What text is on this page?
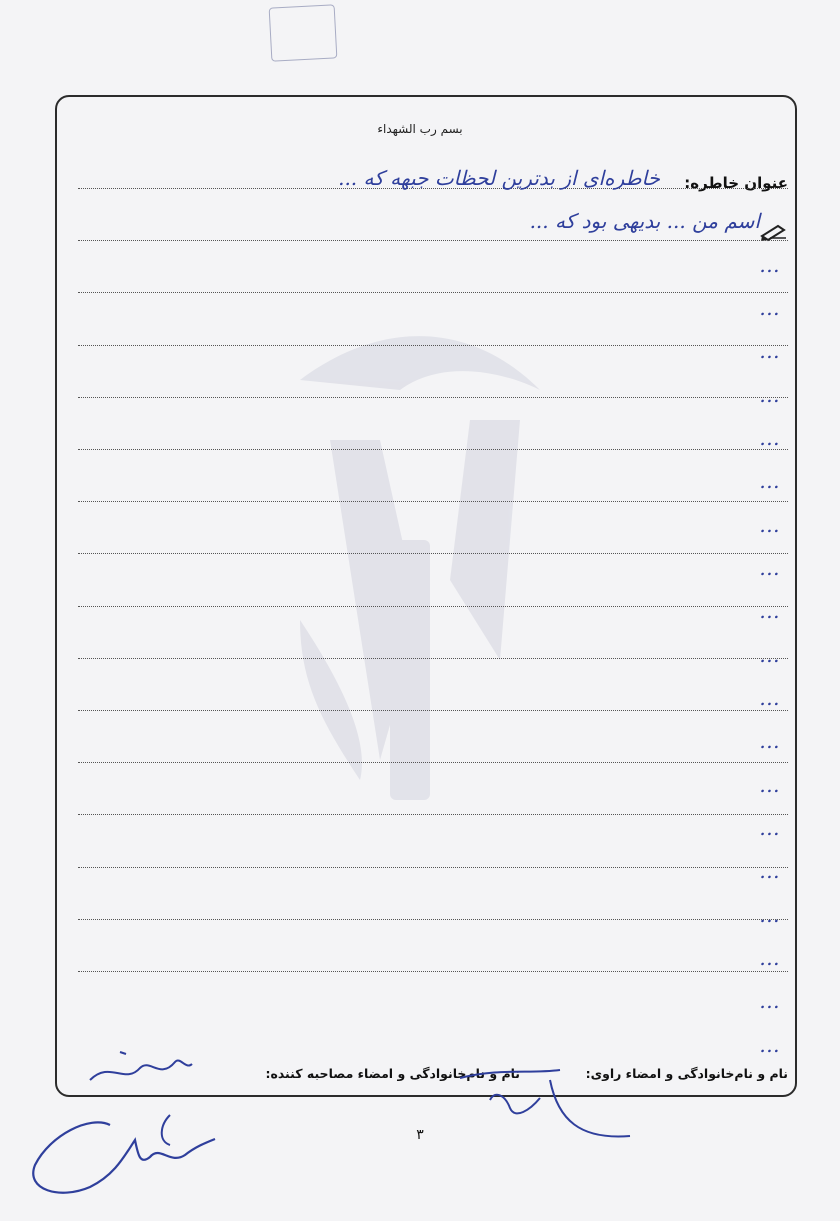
بسم رب الشهداء
عنوان خاطره:
خاطره‌ای از بدترین لحظات جبهه که ...
اسم من ... بدیهی بود که ...
...
...
...
...
...
...
...
...
...
...
...
...
...
...
...
...
...
...
...
نام و نام‌خانوادگی و امضاء راوی:
نام و نام‌خانوادگی و امضاء مصاحبه کننده:
۳
